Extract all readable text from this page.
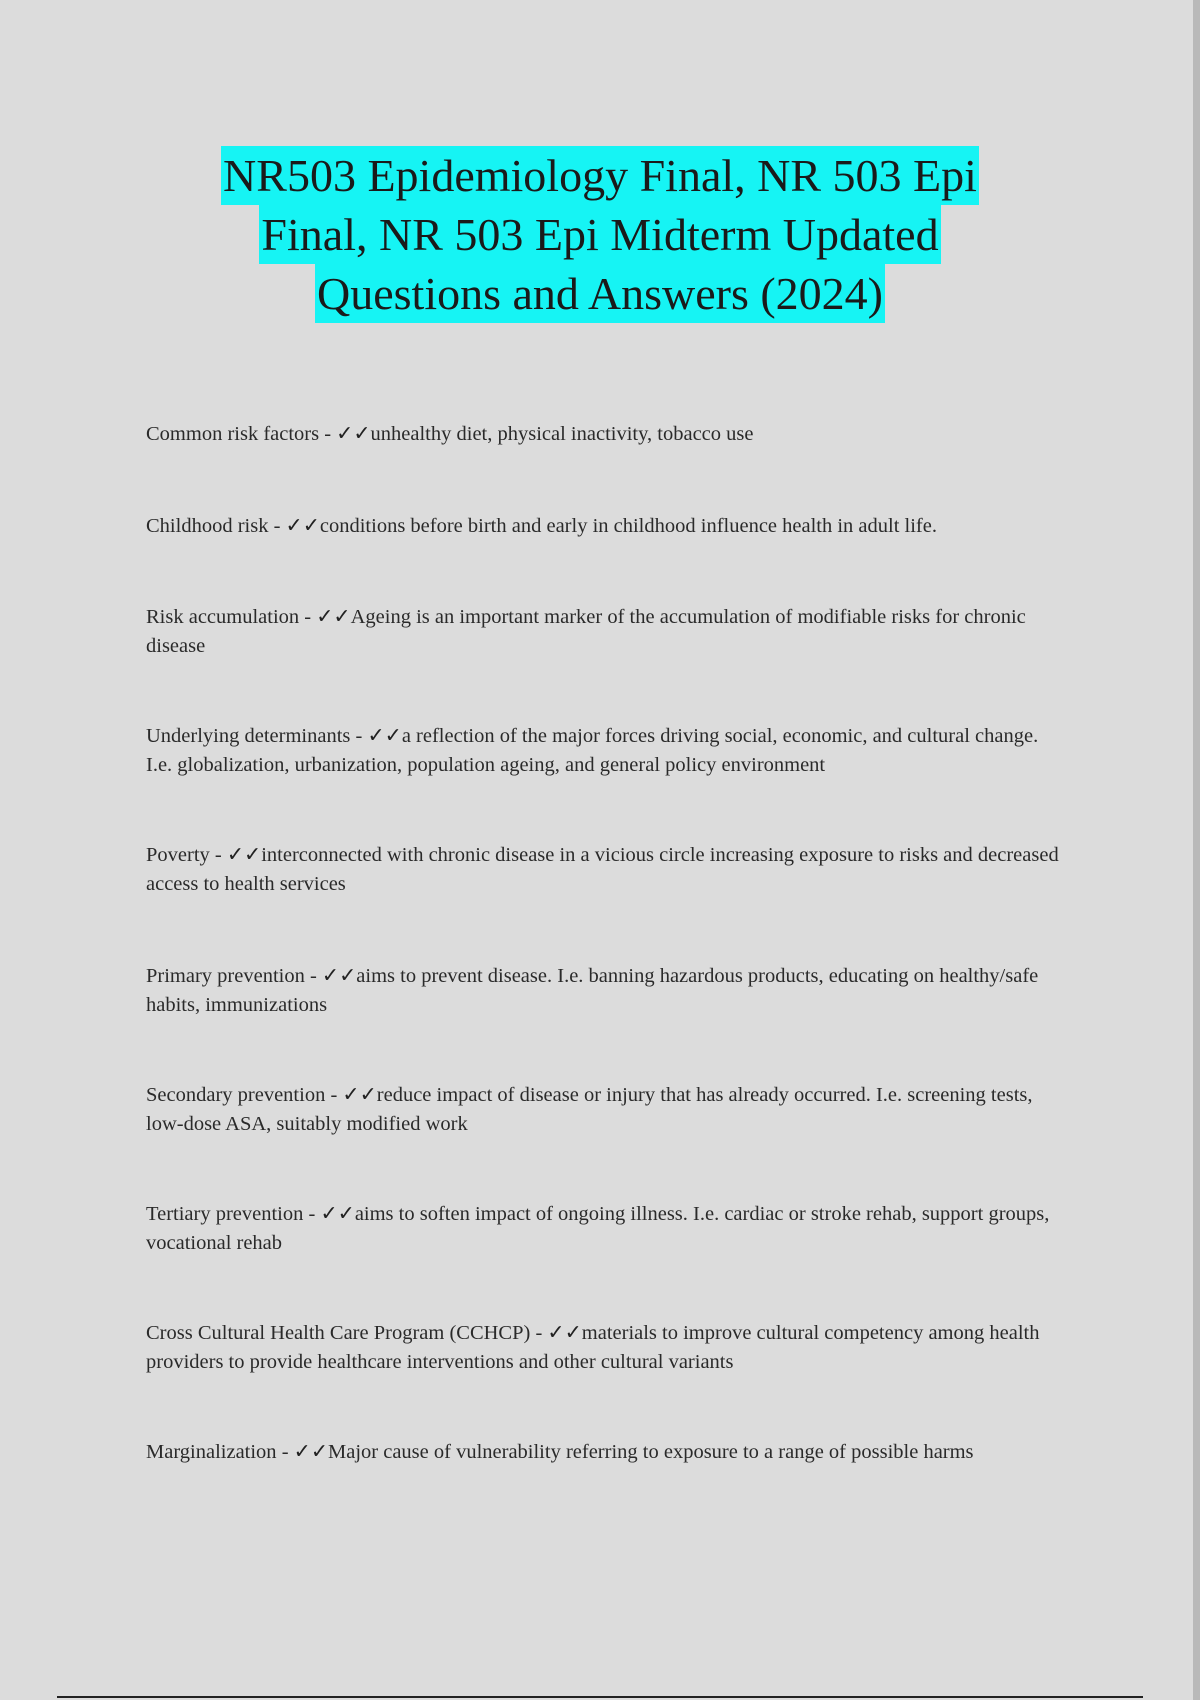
NR503 Epidemiology Final, NR 503 Epi
Final, NR 503 Epi Midterm Updated
Questions and Answers (2024)

Common risk factors - ✓✓unhealthy diet, physical inactivity, tobacco use

Childhood risk - ✓✓conditions before birth and early in childhood influence health in adult life.

Risk accumulation - ✓✓Ageing is an important marker of the accumulation of modifiable risks for chronic disease

Underlying determinants - ✓✓a reflection of the major forces driving social, economic, and cultural change. I.e. globalization, urbanization, population ageing, and general policy environment

Poverty - ✓✓interconnected with chronic disease in a vicious circle increasing exposure to risks and decreased access to health services

Primary prevention - ✓✓aims to prevent disease. I.e. banning hazardous products, educating on healthy/safe habits, immunizations

Secondary prevention - ✓✓reduce impact of disease or injury that has already occurred. I.e. screening tests, low-dose ASA, suitably modified work

Tertiary prevention - ✓✓aims to soften impact of ongoing illness. I.e. cardiac or stroke rehab, support groups, vocational rehab

Cross Cultural Health Care Program (CCHCP) - ✓✓materials to improve cultural competency among health providers to provide healthcare interventions and other cultural variants

Marginalization - ✓✓Major cause of vulnerability referring to exposure to a range of possible harms
